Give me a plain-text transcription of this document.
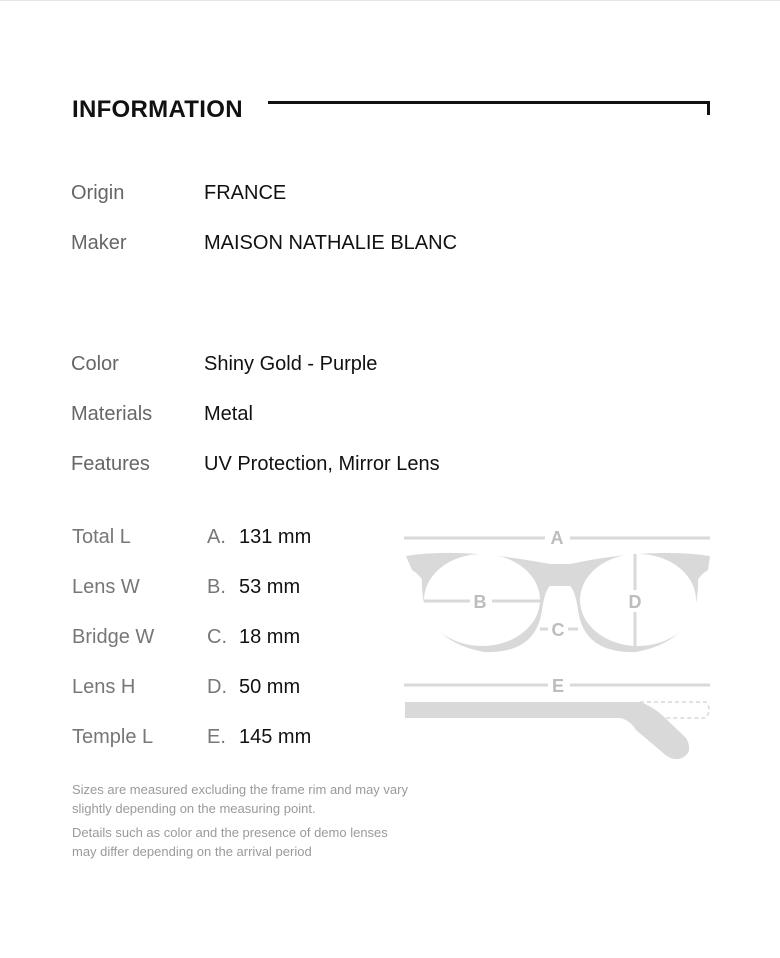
INFORMATION
Origin	FRANCE
Maker	MAISON NATHALIE BLANC
Color	Shiny Gold - Purple
Materials	Metal
Features	UV Protection, Mirror Lens
Total L	A. 131 mm
Lens W	B. 53 mm
Bridge W	C. 18 mm
Lens H	D. 50 mm
Temple L	E. 145 mm
A
B
C
D
E

Sizes are measured excluding the frame rim and may vary slightly depending on the measuring point.

Details such as color and the presence of demo lenses may differ depending on the arrival period
